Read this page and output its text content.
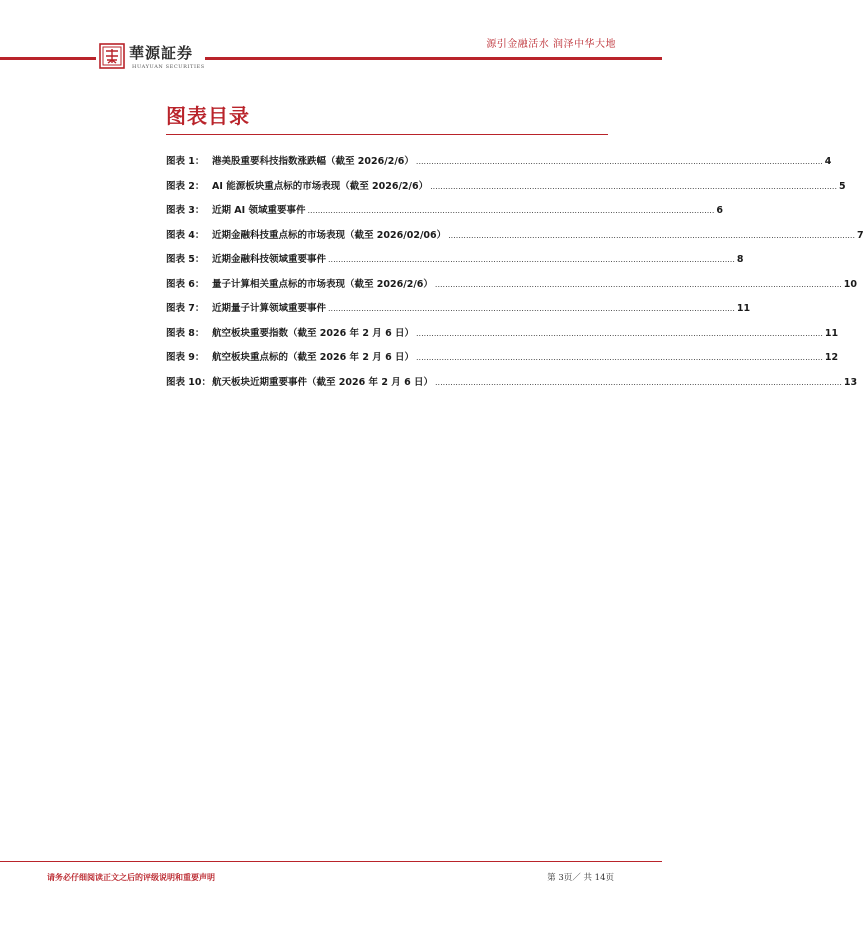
華源証券
HUAYUAN SECURITIES
源引金融活水 润泽中华大地
图表目录
图表 1： 港美股重要科技指数涨跌幅（截至 2026/2/6） ................................................................................................................................................................ 4
图表 2： AI 能源板块重点标的市场表现（截至 2026/2/6） ................................................................................................................................................................ 5
图表 3： 近期 AI 领域重要事件 ................................................................................................................................................................ 6
图表 4： 近期金融科技重点标的市场表现（截至 2026/02/06） ................................................................................................................................................................ 7
图表 5： 近期金融科技领域重要事件 ................................................................................................................................................................ 8
图表 6： 量子计算相关重点标的市场表现（截至 2026/2/6） ................................................................................................................................................................ 10
图表 7： 近期量子计算领域重要事件 ................................................................................................................................................................ 11
图表 8： 航空板块重要指数（截至 2026 年 2 月 6 日） ................................................................................................................................................................ 11
图表 9： 航空板块重点标的（截至 2026 年 2 月 6 日） ................................................................................................................................................................ 12
图表 10： 航天板块近期重要事件（截至 2026 年 2 月 6 日） ................................................................................................................................................................ 13
请务必仔细阅读正文之后的评级说明和重要声明	第 3页／ 共 14页
